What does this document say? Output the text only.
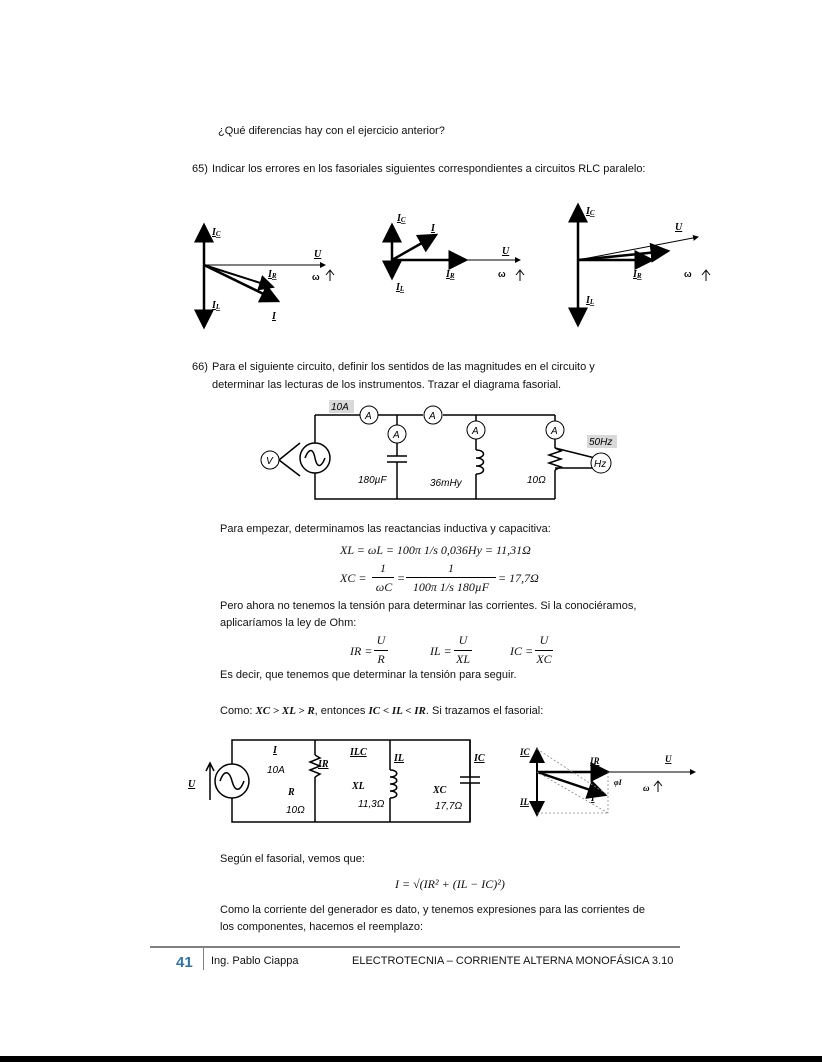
¿Qué diferencias hay con el ejercicio anterior?
65) Indicar los errores en los fasoriales siguientes correspondientes a circuitos RLC paralelo:
IC
IL
IR
I
U
ω
IC
I
IL
IR
U
ω
IC
IL
IR
I
U
ω
66) Para el siguiente circuito, definir los sentidos de las magnitudes en el circuito y
determinar las lecturas de los instrumentos. Trazar el diagrama fasorial.
A	A
A	A	A
V	Hz
10A
50Hz
180µF	36mHy	10Ω
Para empezar, determinamos las reactancias inductiva y capacitiva:
XL = ωL = 100π 1/s 0,036Hy = 11,31Ω
XC =
1
ωC
=
1
100π 1/s 180µF
= 17,7Ω
Pero ahora no tenemos la tensión para determinar las corrientes. Si la conociéramos,
aplicaríamos la ley de Ohm:
IR =
U
R
IL =
U
XL
IC =
U
XC
Es decir, que tenemos que determinar la tensión para seguir.
Como: XC > XL > R, entonces IC < IL < IR. Si trazamos el fasorial:
U
I
IR
ILC
IL	IC
R
XL	XC
10A
10Ω
11,3Ω	17,7Ω
IC
IR	U
IL	I
φI
ω
Según el fasorial, vemos que:
I = √(IR² + (IL − IC)²)
Como la corriente del generador es dato, y tenemos expresiones para las corrientes de
los componentes, hacemos el reemplazo:
41 Ing. Pablo Ciappa	ELECTROTECNIA – CORRIENTE ALTERNA MONOFÁSICA 3.10
